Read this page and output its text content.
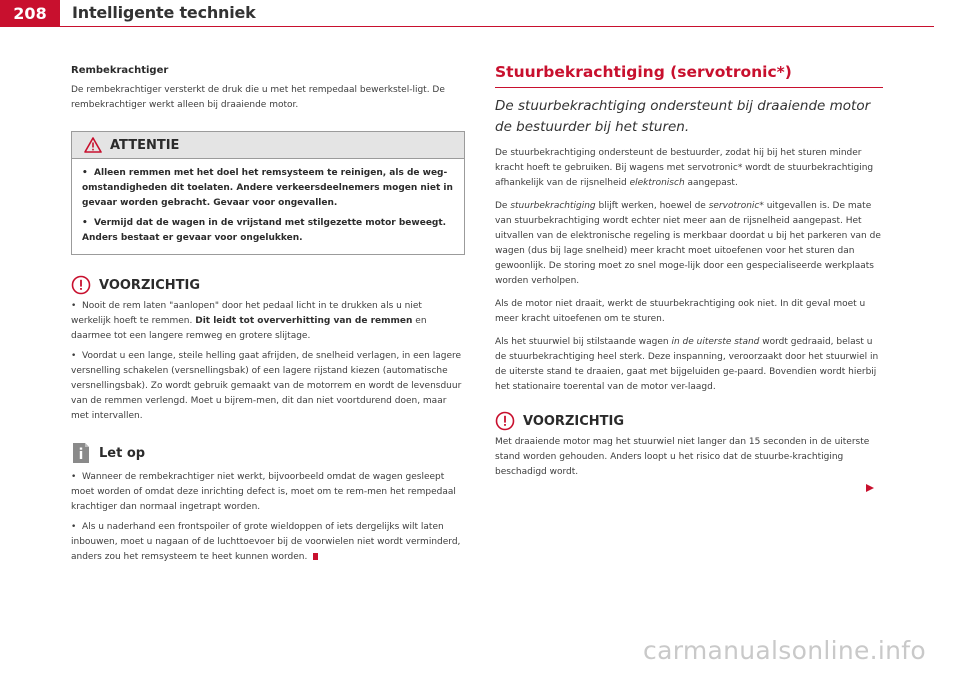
208	Intelligente techniek

Rembekrachtiger

De rembekrachtiger versterkt de druk die u met het rempedaal bewerkstel-ligt. De rembekrachtiger werkt alleen bij draaiende motor.

ATTENTIE

•  Alleen remmen met het doel het remsysteem te reinigen, als de weg-omstandigheden dit toelaten. Andere verkeersdeelnemers mogen niet in gevaar worden gebracht. Gevaar voor ongevallen.

•  Vermijd dat de wagen in de vrijstand met stilgezette motor beweegt. Anders bestaat er gevaar voor ongelukken.

VOORZICHTIG

•  Nooit de rem laten "aanlopen" door het pedaal licht in te drukken als u niet werkelijk hoeft te remmen. Dit leidt tot oververhitting van de remmen en daarmee tot een langere remweg en grotere slijtage.

•  Voordat u een lange, steile helling gaat afrijden, de snelheid verlagen, in een lagere versnelling schakelen (versnellingsbak) of een lagere rijstand kiezen (automatische versnellingsbak). Zo wordt gebruik gemaakt van de motorrem en wordt de levensduur van de remmen verlengd. Moet u bijrem-men, dit dan niet voortdurend doen, maar met intervallen.

Let op

•  Wanneer de rembekrachtiger niet werkt, bijvoorbeeld omdat de wagen gesleept moet worden of omdat deze inrichting defect is, moet om te rem-men het rempedaal krachtiger dan normaal ingetrapt worden.

•  Als u naderhand een frontspoiler of grote wieldoppen of iets dergelijks wilt laten inbouwen, moet u nagaan of de luchttoevoer bij de voorwielen niet wordt verminderd, anders zou het remsysteem te heet kunnen worden.

Stuurbekrachtiging (servotronic*)

De stuurbekrachtiging ondersteunt bij draaiende motor de bestuurder bij het sturen.

De stuurbekrachtiging ondersteunt de bestuurder, zodat hij bij het sturen minder kracht hoeft te gebruiken. Bij wagens met servotronic* wordt de stuurbekrachtiging afhankelijk van de rijsnelheid elektronisch aangepast.

De stuurbekrachtiging blijft werken, hoewel de servotronic* uitgevallen is. De mate van stuurbekrachtiging wordt echter niet meer aan de rijsnelheid aangepast. Het uitvallen van de elektronische regeling is merkbaar doordat u bij het parkeren van de wagen (dus bij lage snelheid) meer kracht moet uitoefenen voor het sturen dan gewoonlijk. De storing moet zo snel moge-lijk door een gespecialiseerde werkplaats worden verholpen.

Als de motor niet draait, werkt de stuurbekrachtiging ook niet. In dit geval moet u meer kracht uitoefenen om te sturen.

Als het stuurwiel bij stilstaande wagen in de uiterste stand wordt gedraaid, belast u de stuurbekrachtiging heel sterk. Deze inspanning, veroorzaakt door het stuurwiel in de uiterste stand te draaien, gaat met bijgeluiden ge-paard. Bovendien wordt hierbij het stationaire toerental van de motor ver-laagd.

VOORZICHTIG

Met draaiende motor mag het stuurwiel niet langer dan 15 seconden in de uiterste stand worden gehouden. Anders loopt u het risico dat de stuurbe-krachtiging beschadigd wordt.

carmanualsonline.info
